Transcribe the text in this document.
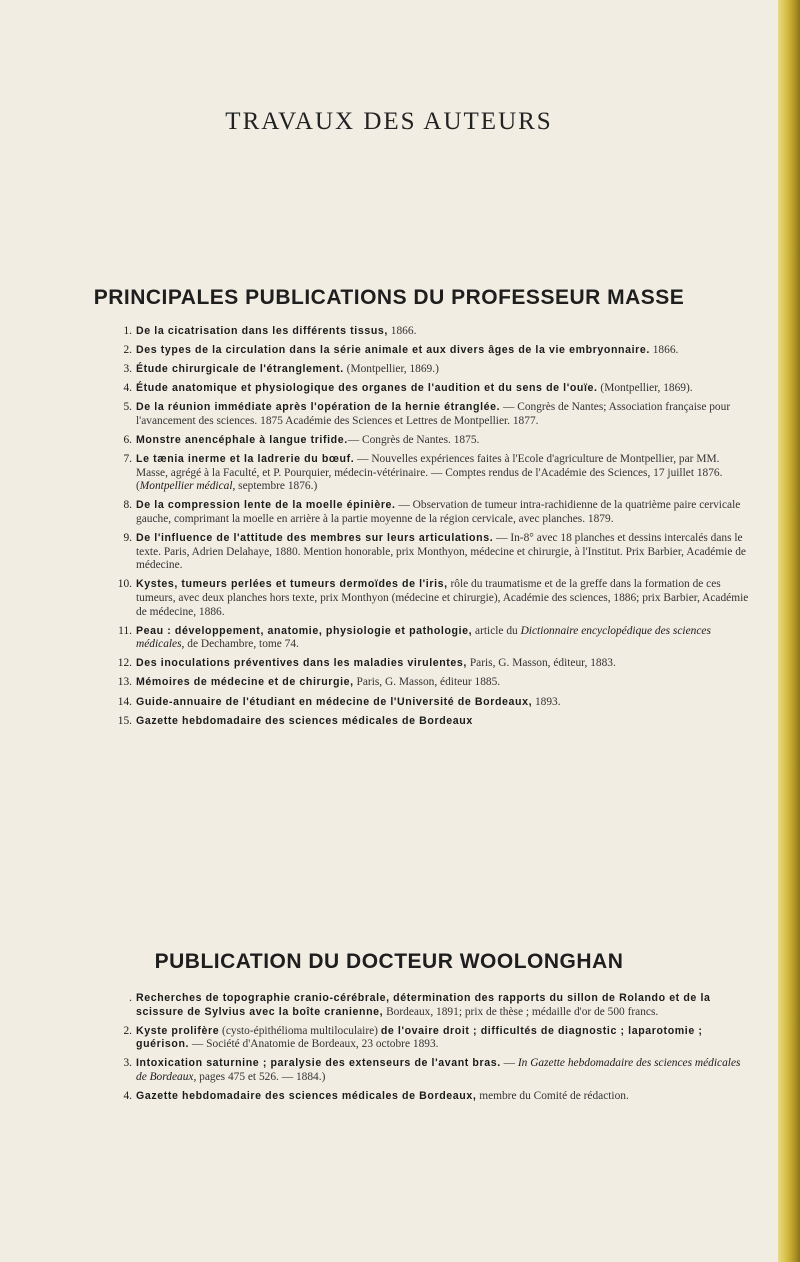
TRAVAUX DES AUTEURS
PRINCIPALES PUBLICATIONS DU PROFESSEUR MASSE
1. De la cicatrisation dans les différents tissus, 1866.
2. Des types de la circulation dans la série animale et aux divers âges de la vie embryonnaire. 1866.
3. Étude chirurgicale de l'étranglement. (Montpellier, 1869.)
4. Étude anatomique et physiologique des organes de l'audition et du sens de l'ouïe. (Montpellier, 1869).
5. De la réunion immédiate après l'opération de la hernie étranglée. — Congrès de Nantes; Association française pour l'avancement des sciences. 1875 Académie des Sciences et Lettres de Montpellier. 1877.
6. Monstre anencéphale à langue trifide.— Congrès de Nantes. 1875.
7. Le tænia inerme et la ladrerie du bœuf. — Nouvelles expériences faites à l'Ecole d'agriculture de Montpellier, par MM. Masse, agrégé à la Faculté, et P. Pourquier, médecin-vétérinaire. — Comptes rendus de l'Académie des Sciences, 17 juillet 1876. (Montpellier médical, septembre 1876.)
8. De la compression lente de la moelle épinière. — Observation de tumeur intra-rachidienne de la quatrième paire cervicale gauche, comprimant la moelle en arrière à la partie moyenne de la région cervicale, avec planches. 1879.
9. De l'influence de l'attitude des membres sur leurs articulations. — In-8° avec 18 planches et dessins intercalés dans le texte. Paris, Adrien Delahaye, 1880. Mention honorable, prix Monthyon, médecine et chirurgie, à l'Institut. Prix Barbier, Académie de médecine.
10. Kystes, tumeurs perlées et tumeurs dermoïdes de l'iris, rôle du traumatisme et de la greffe dans la formation de ces tumeurs, avec deux planches hors texte, prix Monthyon (médecine et chirurgie), Académie des sciences, 1886; prix Barbier, Académie de médecine, 1886.
11. Peau : développement, anatomie, physiologie et pathologie, article du Dictionnaire encyclopédique des sciences médicales, de Dechambre, tome 74.
12. Des inoculations préventives dans les maladies virulentes, Paris, G. Masson, éditeur, 1883.
13. Mémoires de médecine et de chirurgie, Paris, G. Masson, éditeur 1885.
14. Guide-annuaire de l'étudiant en médecine de l'Université de Bordeaux, 1893.
15. Gazette hebdomadaire des sciences médicales de Bordeaux
PUBLICATION DU DOCTEUR WOOLONGHAN
. Recherches de topographie cranio-cérébrale, détermination des rapports du sillon de Rolando et de la scissure de Sylvius avec la boîte cranienne, Bordeaux, 1891; prix de thèse ; médaille d'or de 500 francs.
2. Kyste prolifère (cysto-épithélioma multiloculaire) de l'ovaire droit ; difficultés de diagnostic ; laparotomie ; guérison. — Société d'Anatomie de Bordeaux, 23 octobre 1893.
3. Intoxication saturnine ; paralysie des extenseurs de l'avant bras. — In Gazette hebdomadaire des sciences médicales de Bordeaux, pages 475 et 526. — 1884.)
4. Gazette hebdomadaire des sciences médicales de Bordeaux, membre du Comité de rédaction.
